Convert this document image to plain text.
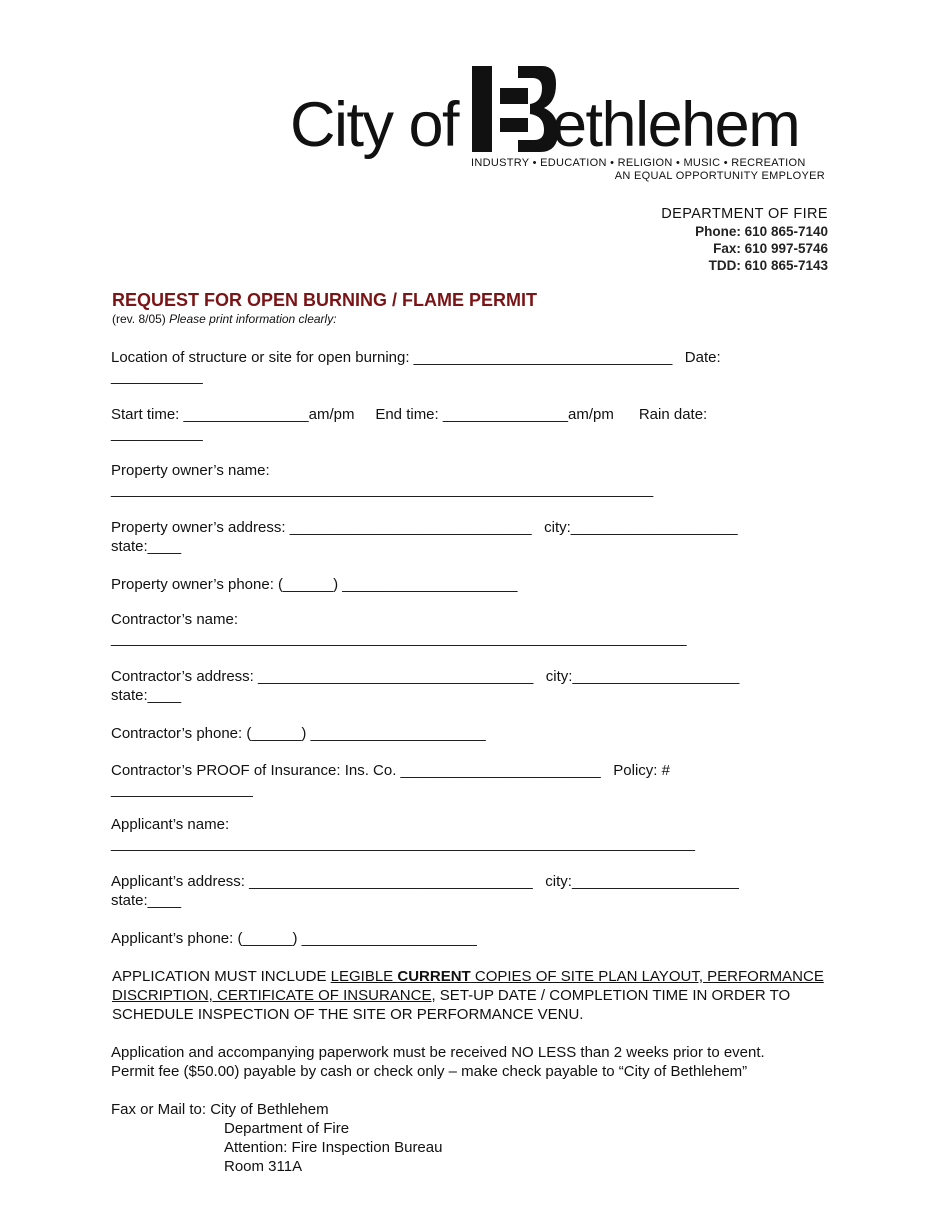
City of ethlehem
INDUSTRY • EDUCATION • RELIGION • MUSIC • RECREATION
AN EQUAL OPPORTUNITY EMPLOYER
DEPARTMENT OF FIRE
Phone: 610 865-7140
Fax: 610 997-5746
TDD: 610 865-7143
REQUEST FOR OPEN BURNING / FLAME PERMIT
(rev. 8/05) Please print information clearly:
Location of structure or site for open burning: _______________________________   Date:
___________
Start time: _______________am/pm     End time: _______________am/pm      Rain date:
___________
Property owner’s name:
_________________________________________________________________
Property owner’s address: _____________________________   city:____________________
state:____
Property owner’s phone: (______) _____________________
Contractor’s name:
_____________________________________________________________________
Contractor’s address: _________________________________   city:____________________
state:____
Contractor’s phone: (______) _____________________
Contractor’s PROOF of Insurance: Ins. Co. ________________________   Policy: #
_________________
Applicant’s name:
______________________________________________________________________
Applicant’s address: __________________________________   city:____________________
state:____
Applicant’s phone: (______) _____________________
APPLICATION MUST INCLUDE LEGIBLE CURRENT COPIES OF SITE PLAN LAYOUT, PERFORMANCE DISCRIPTION, CERTIFICATE OF INSURANCE, SET-UP DATE / COMPLETION TIME IN ORDER TO SCHEDULE INSPECTION OF THE SITE OR PERFORMANCE VENU.
Application and accompanying paperwork must be received NO LESS than 2 weeks prior to event.
Permit fee ($50.00) payable by cash or check only – make check payable to “City of Bethlehem”
Fax or Mail to: City of Bethlehem
Department of Fire
Attention: Fire Inspection Bureau
Room 311A
